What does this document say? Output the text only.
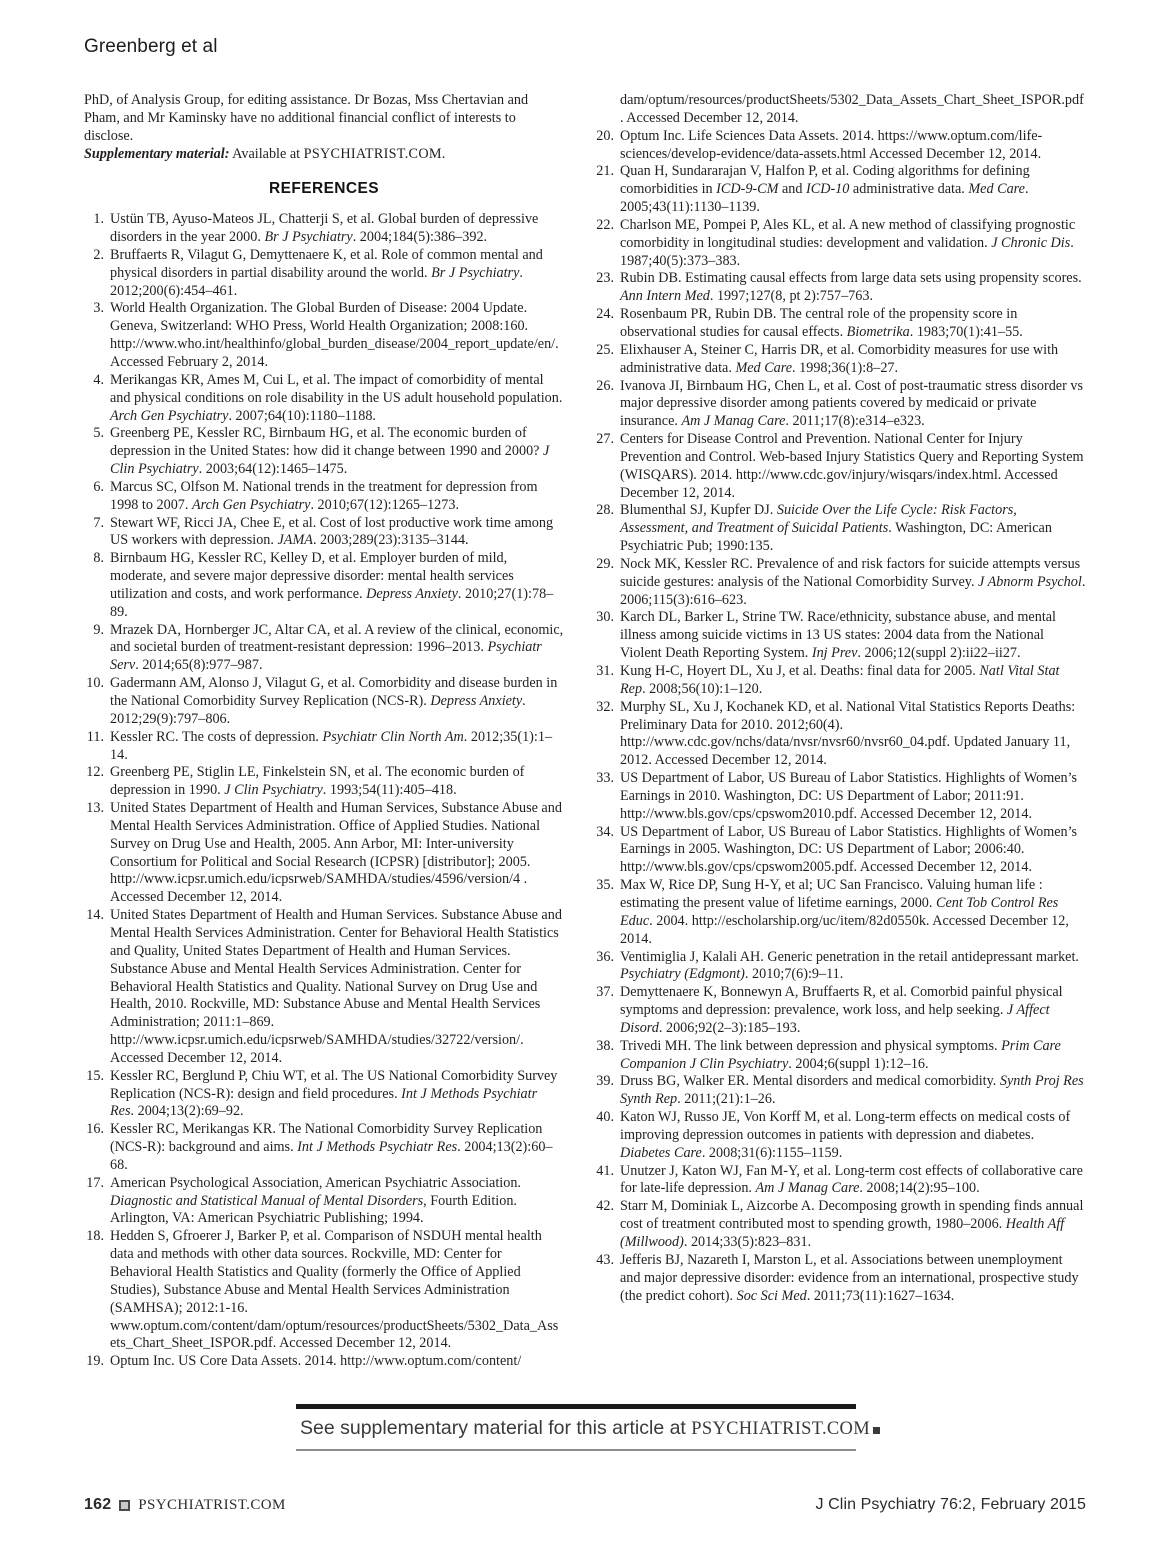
Greenberg et al

PhD, of Analysis Group, for editing assistance. Dr Bozas, Mss Chertavian and Pham, and Mr Kaminsky have no additional financial conflict of interests to disclose.
Supplementary material: Available at PSYCHIATRIST.COM.

REFERENCES
1. Ustün TB, Ayuso-Mateos JL, Chatterji S, et al. Global burden of depressive disorders in the year 2000. Br J Psychiatry. 2004;184(5):386–392.
2. Bruffaerts R, Vilagut G, Demyttenaere K, et al. Role of common mental and physical disorders in partial disability around the world. Br J Psychiatry. 2012;200(6):454–461.
3. World Health Organization. The Global Burden of Disease: 2004 Update. Geneva, Switzerland: WHO Press, World Health Organization; 2008:160. http://www.who.int/healthinfo/global_burden_disease/2004_report_update/en/. Accessed February 2, 2014.
4. Merikangas KR, Ames M, Cui L, et al. The impact of comorbidity of mental and physical conditions on role disability in the US adult household population. Arch Gen Psychiatry. 2007;64(10):1180–1188.
5. Greenberg PE, Kessler RC, Birnbaum HG, et al. The economic burden of depression in the United States: how did it change between 1990 and 2000? J Clin Psychiatry. 2003;64(12):1465–1475.
6. Marcus SC, Olfson M. National trends in the treatment for depression from 1998 to 2007. Arch Gen Psychiatry. 2010;67(12):1265–1273.
7. Stewart WF, Ricci JA, Chee E, et al. Cost of lost productive work time among US workers with depression. JAMA. 2003;289(23):3135–3144.
8. Birnbaum HG, Kessler RC, Kelley D, et al. Employer burden of mild, moderate, and severe major depressive disorder: mental health services utilization and costs, and work performance. Depress Anxiety. 2010;27(1):78–89.
9. Mrazek DA, Hornberger JC, Altar CA, et al. A review of the clinical, economic, and societal burden of treatment-resistant depression: 1996–2013. Psychiatr Serv. 2014;65(8):977–987.
10. Gadermann AM, Alonso J, Vilagut G, et al. Comorbidity and disease burden in the National Comorbidity Survey Replication (NCS-R). Depress Anxiety. 2012;29(9):797–806.
11. Kessler RC. The costs of depression. Psychiatr Clin North Am. 2012;35(1):1–14.
12. Greenberg PE, Stiglin LE, Finkelstein SN, et al. The economic burden of depression in 1990. J Clin Psychiatry. 1993;54(11):405–418.
13. United States Department of Health and Human Services, Substance Abuse and Mental Health Services Administration. Office of Applied Studies. National Survey on Drug Use and Health, 2005. Ann Arbor, MI: Inter-university Consortium for Political and Social Research (ICPSR) [distributor]; 2005. http://www.icpsr.umich.edu/icpsrweb/SAMHDA/studies/4596/version/4 . Accessed December 12, 2014.
14. United States Department of Health and Human Services. Substance Abuse and Mental Health Services Administration. Center for Behavioral Health Statistics and Quality, United States Department of Health and Human Services. Substance Abuse and Mental Health Services Administration. Center for Behavioral Health Statistics and Quality. National Survey on Drug Use and Health, 2010. Rockville, MD: Substance Abuse and Mental Health Services Administration; 2011:1–869. http://www.icpsr.umich.edu/icpsrweb/SAMHDA/studies/32722/version/. Accessed December 12, 2014.
15. Kessler RC, Berglund P, Chiu WT, et al. The US National Comorbidity Survey Replication (NCS-R): design and field procedures. Int J Methods Psychiatr Res. 2004;13(2):69–92.
16. Kessler RC, Merikangas KR. The National Comorbidity Survey Replication (NCS-R): background and aims. Int J Methods Psychiatr Res. 2004;13(2):60–68.
17. American Psychological Association, American Psychiatric Association. Diagnostic and Statistical Manual of Mental Disorders, Fourth Edition. Arlington, VA: American Psychiatric Publishing; 1994.
18. Hedden S, Gfroerer J, Barker P, et al. Comparison of NSDUH mental health data and methods with other data sources. Rockville, MD: Center for Behavioral Health Statistics and Quality (formerly the Office of Applied Studies), Substance Abuse and Mental Health Services Administration (SAMHSA); 2012:1-16. www.optum.com/content/dam/optum/resources/productSheets/5302_Data_Assets_Chart_Sheet_ISPOR.pdf. Accessed December 12, 2014.
19. Optum Inc. US Core Data Assets. 2014. http://www.optum.com/content/
dam/optum/resources/productSheets/5302_Data_Assets_Chart_Sheet_ISPOR.pdf. Accessed December 12, 2014.
20. Optum Inc. Life Sciences Data Assets. 2014. https://www.optum.com/life-sciences/develop-evidence/data-assets.html Accessed December 12, 2014.
21. Quan H, Sundararajan V, Halfon P, et al. Coding algorithms for defining comorbidities in ICD-9-CM and ICD-10 administrative data. Med Care. 2005;43(11):1130–1139.
22. Charlson ME, Pompei P, Ales KL, et al. A new method of classifying prognostic comorbidity in longitudinal studies: development and validation. J Chronic Dis. 1987;40(5):373–383.
23. Rubin DB. Estimating causal effects from large data sets using propensity scores. Ann Intern Med. 1997;127(8, pt 2):757–763.
24. Rosenbaum PR, Rubin DB. The central role of the propensity score in observational studies for causal effects. Biometrika. 1983;70(1):41–55.
25. Elixhauser A, Steiner C, Harris DR, et al. Comorbidity measures for use with administrative data. Med Care. 1998;36(1):8–27.
26. Ivanova JI, Birnbaum HG, Chen L, et al. Cost of post-traumatic stress disorder vs major depressive disorder among patients covered by medicaid or private insurance. Am J Manag Care. 2011;17(8):e314–e323.
27. Centers for Disease Control and Prevention. National Center for Injury Prevention and Control. Web-based Injury Statistics Query and Reporting System (WISQARS). 2014. http://www.cdc.gov/injury/wisqars/index.html. Accessed December 12, 2014.
28. Blumenthal SJ, Kupfer DJ. Suicide Over the Life Cycle: Risk Factors, Assessment, and Treatment of Suicidal Patients. Washington, DC: American Psychiatric Pub; 1990:135.
29. Nock MK, Kessler RC. Prevalence of and risk factors for suicide attempts versus suicide gestures: analysis of the National Comorbidity Survey. J Abnorm Psychol. 2006;115(3):616–623.
30. Karch DL, Barker L, Strine TW. Race/ethnicity, substance abuse, and mental illness among suicide victims in 13 US states: 2004 data from the National Violent Death Reporting System. Inj Prev. 2006;12(suppl 2):ii22–ii27.
31. Kung H-C, Hoyert DL, Xu J, et al. Deaths: final data for 2005. Natl Vital Stat Rep. 2008;56(10):1–120.
32. Murphy SL, Xu J, Kochanek KD, et al. National Vital Statistics Reports Deaths: Preliminary Data for 2010. 2012;60(4). http://www.cdc.gov/nchs/data/nvsr/nvsr60/nvsr60_04.pdf. Updated January 11, 2012. Accessed December 12, 2014.
33. US Department of Labor, US Bureau of Labor Statistics. Highlights of Women’s Earnings in 2010. Washington, DC: US Department of Labor; 2011:91. http://www.bls.gov/cps/cpswom2010.pdf. Accessed December 12, 2014.
34. US Department of Labor, US Bureau of Labor Statistics. Highlights of Women’s Earnings in 2005. Washington, DC: US Department of Labor; 2006:40. http://www.bls.gov/cps/cpswom2005.pdf. Accessed December 12, 2014.
35. Max W, Rice DP, Sung H-Y, et al; UC San Francisco. Valuing human life : estimating the present value of lifetime earnings, 2000. Cent Tob Control Res Educ. 2004. http://escholarship.org/uc/item/82d0550k. Accessed December 12, 2014.
36. Ventimiglia J, Kalali AH. Generic penetration in the retail antidepressant market. Psychiatry (Edgmont). 2010;7(6):9–11.
37. Demyttenaere K, Bonnewyn A, Bruffaerts R, et al. Comorbid painful physical symptoms and depression: prevalence, work loss, and help seeking. J Affect Disord. 2006;92(2–3):185–193.
38. Trivedi MH. The link between depression and physical symptoms. Prim Care Companion J Clin Psychiatry. 2004;6(suppl 1):12–16.
39. Druss BG, Walker ER. Mental disorders and medical comorbidity. Synth Proj Res Synth Rep. 2011;(21):1–26.
40. Katon WJ, Russo JE, Von Korff M, et al. Long-term effects on medical costs of improving depression outcomes in patients with depression and diabetes. Diabetes Care. 2008;31(6):1155–1159.
41. Unutzer J, Katon WJ, Fan M-Y, et al. Long-term cost effects of collaborative care for late-life depression. Am J Manag Care. 2008;14(2):95–100.
42. Starr M, Dominiak L, Aizcorbe A. Decomposing growth in spending finds annual cost of treatment contributed most to spending growth, 1980–2006. Health Aff (Millwood). 2014;33(5):823–831.
43. Jefferis BJ, Nazareth I, Marston L, et al. Associations between unemployment and major depressive disorder: evidence from an international, prospective study (the predict cohort). Soc Sci Med. 2011;73(11):1627–1634.
See supplementary material for this article at PSYCHIATRIST.COM
162 PSYCHIATRIST.COM	J Clin Psychiatry 76:2, February 2015
